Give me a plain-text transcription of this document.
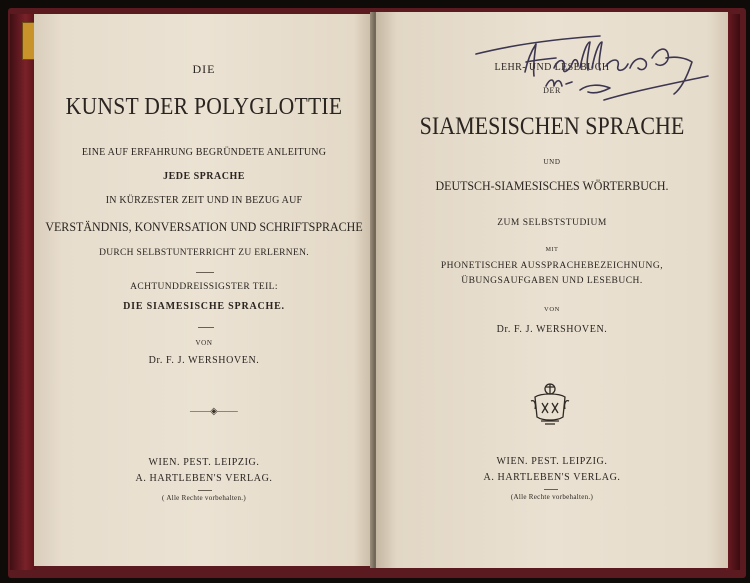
DIE
KUNST DER POLYGLOTTIE
EINE AUF ERFAHRUNG BEGRÜNDETE ANLEITUNG
JEDE SPRACHE
IN KÜRZESTER ZEIT UND IN BEZUG AUF
VERSTÄNDNIS, KONVERSATION UND SCHRIFTSPRACHE
DURCH SELBSTUNTERRICHT ZU ERLERNEN.
ACHTUNDDREISSIGSTER TEIL:
DIE SIAMESISCHE SPRACHE.
VON
Dr. F. J. WERSHOVEN.
——◈——
WIEN. PEST. LEIPZIG.
A. HARTLEBEN'S VERLAG.
( Alle Rechte vorbehalten.)
LEHR- UND LESEBUCH
DER
SIAMESISCHEN SPRACHE
UND
DEUTSCH-SIAMESISCHES WÖRTERBUCH.
ZUM SELBSTSTUDIUM
MIT
PHONETISCHER AUSSPRACHEBEZEICHNUNG,
ÜBUNGSAUFGABEN UND LESEBUCH.
VON
Dr. F. J. WERSHOVEN.
WIEN. PEST. LEIPZIG.
A. HARTLEBEN'S VERLAG.
(Alle Rechte vorbehalten.)
